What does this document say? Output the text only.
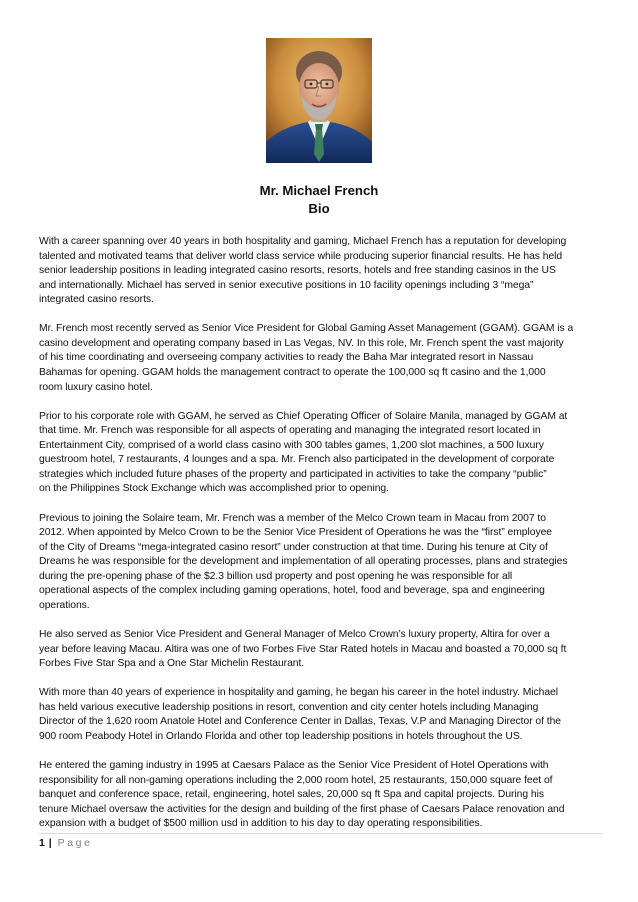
Mr. Michael French
Bio

With a career spanning over 40 years in both hospitality and gaming, Michael French has a reputation for developing
talented and motivated teams that deliver world class service while producing superior financial results. He has held
senior leadership positions in leading integrated casino resorts, resorts, hotels and free standing casinos in the US
and internationally. Michael has served in senior executive positions in 10 facility openings including 3 “mega”
integrated casino resorts.

Mr. French most recently served as Senior Vice President for Global Gaming Asset Management (GGAM). GGAM is a
casino development and operating company based in Las Vegas, NV. In this role, Mr. French spent the vast majority
of his time coordinating and overseeing company activities to ready the Baha Mar integrated resort in Nassau
Bahamas for opening. GGAM holds the management contract to operate the 100,000 sq ft casino and the 1,000
room luxury casino hotel.

Prior to his corporate role with GGAM, he served as Chief Operating Officer of Solaire Manila, managed by GGAM at
that time. Mr. French was responsible for all aspects of operating and managing the integrated resort located in
Entertainment City, comprised of a world class casino with 300 tables games, 1,200 slot machines, a 500 luxury
guestroom hotel, 7 restaurants, 4 lounges and a spa. Mr. French also participated in the development of corporate
strategies which included future phases of the property and participated in activities to take the company “public”
on the Philippines Stock Exchange which was accomplished prior to opening.

Previous to joining the Solaire team, Mr. French was a member of the Melco Crown team in Macau from 2007 to
2012. When appointed by Melco Crown to be the Senior Vice President of Operations he was the “first” employee
of the City of Dreams “mega-integrated casino resort” under construction at that time. During his tenure at City of
Dreams he was responsible for the development and implementation of all operating processes, plans and strategies
during the pre-opening phase of the $2.3 billion usd property and post opening he was responsible for all
operational aspects of the complex including gaming operations, hotel, food and beverage, spa and engineering
operations.

He also served as Senior Vice President and General Manager of Melco Crown’s luxury property, Altira for over a
year before leaving Macau. Altira was one of two Forbes Five Star Rated hotels in Macau and boasted a 70,000 sq ft
Forbes Five Star Spa and a One Star Michelin Restaurant.

With more than 40 years of experience in hospitality and gaming, he began his career in the hotel industry. Michael
has held various executive leadership positions in resort, convention and city center hotels including Managing
Director of the 1,620 room Anatole Hotel and Conference Center in Dallas, Texas, V.P and Managing Director of the
900 room Peabody Hotel in Orlando Florida and other top leadership positions in hotels throughout the US.

He entered the gaming industry in 1995 at Caesars Palace as the Senior Vice President of Hotel Operations with
responsibility for all non-gaming operations including the 2,000 room hotel, 25 restaurants, 150,000 square feet of
banquet and conference space, retail, engineering, hotel sales, 20,000 sq ft Spa and capital projects. During his
tenure Michael oversaw the activities for the design and building of the first phase of Caesars Palace renovation and
expansion with a budget of $500 million usd in addition to his day to day operating responsibilities.

1 | Page
